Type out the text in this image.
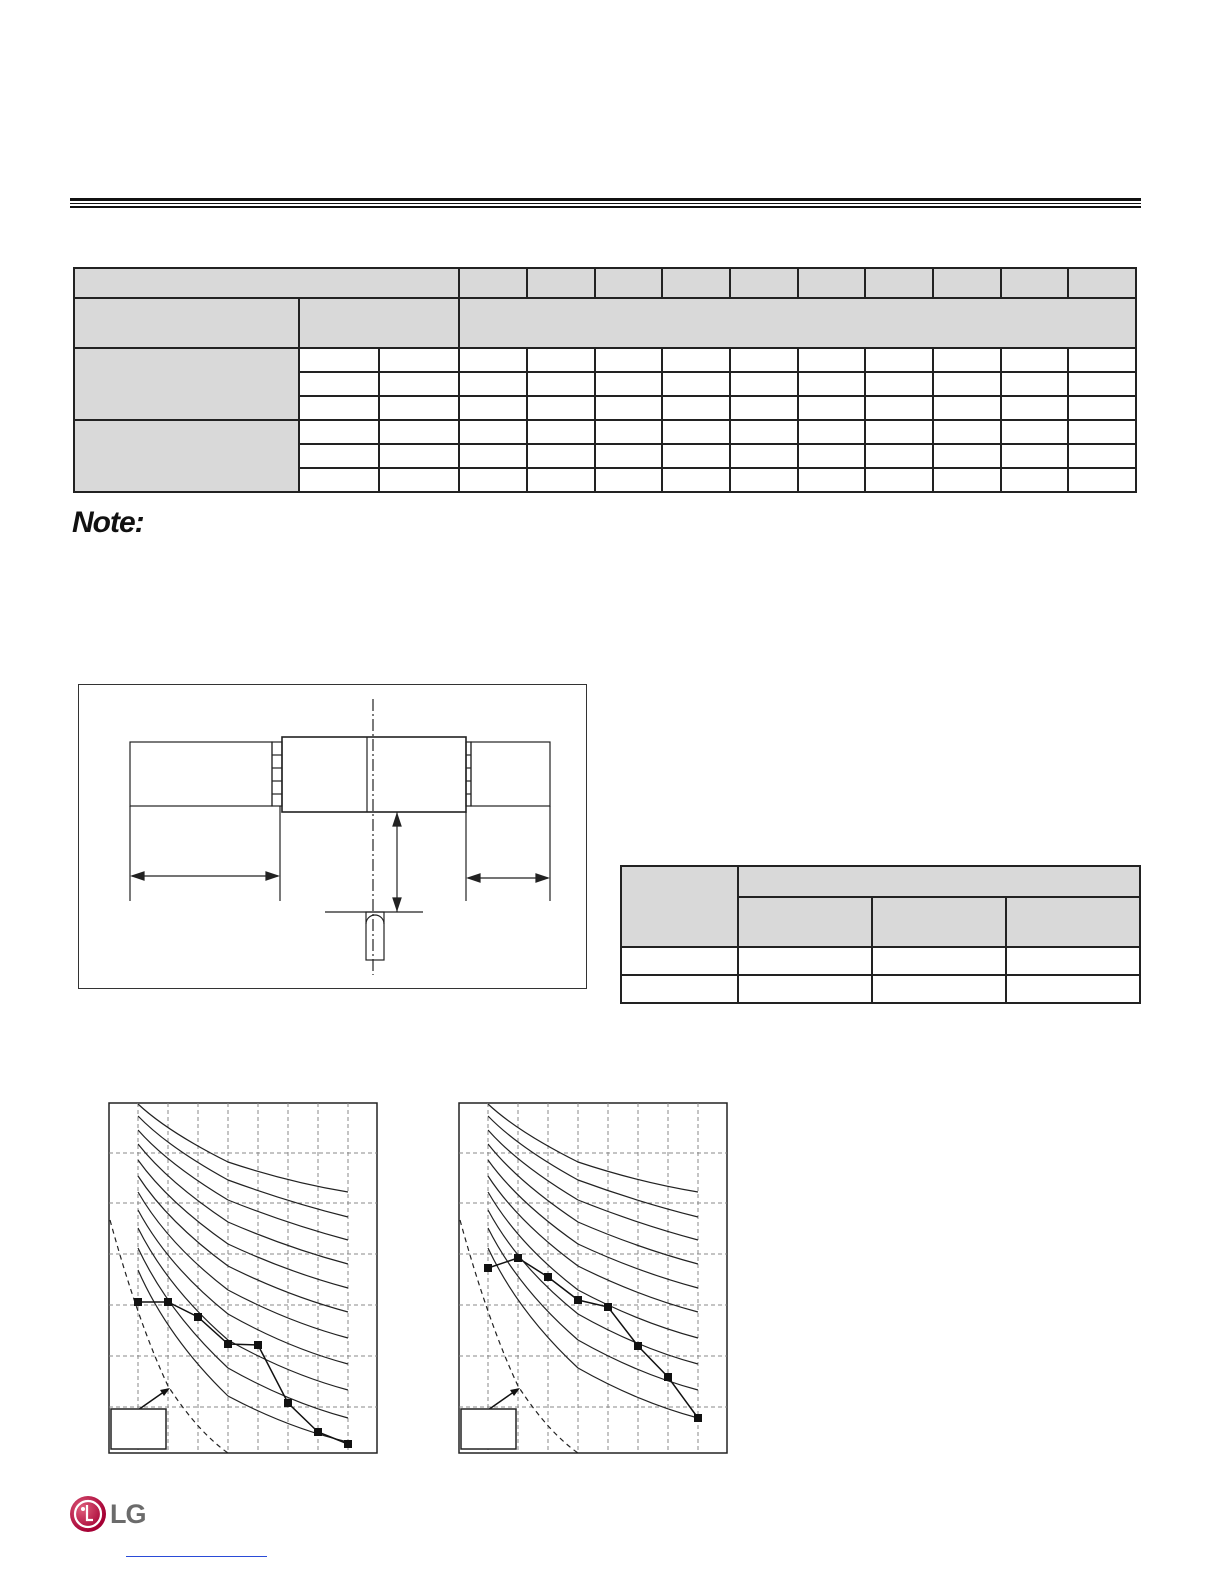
Note:

LG
